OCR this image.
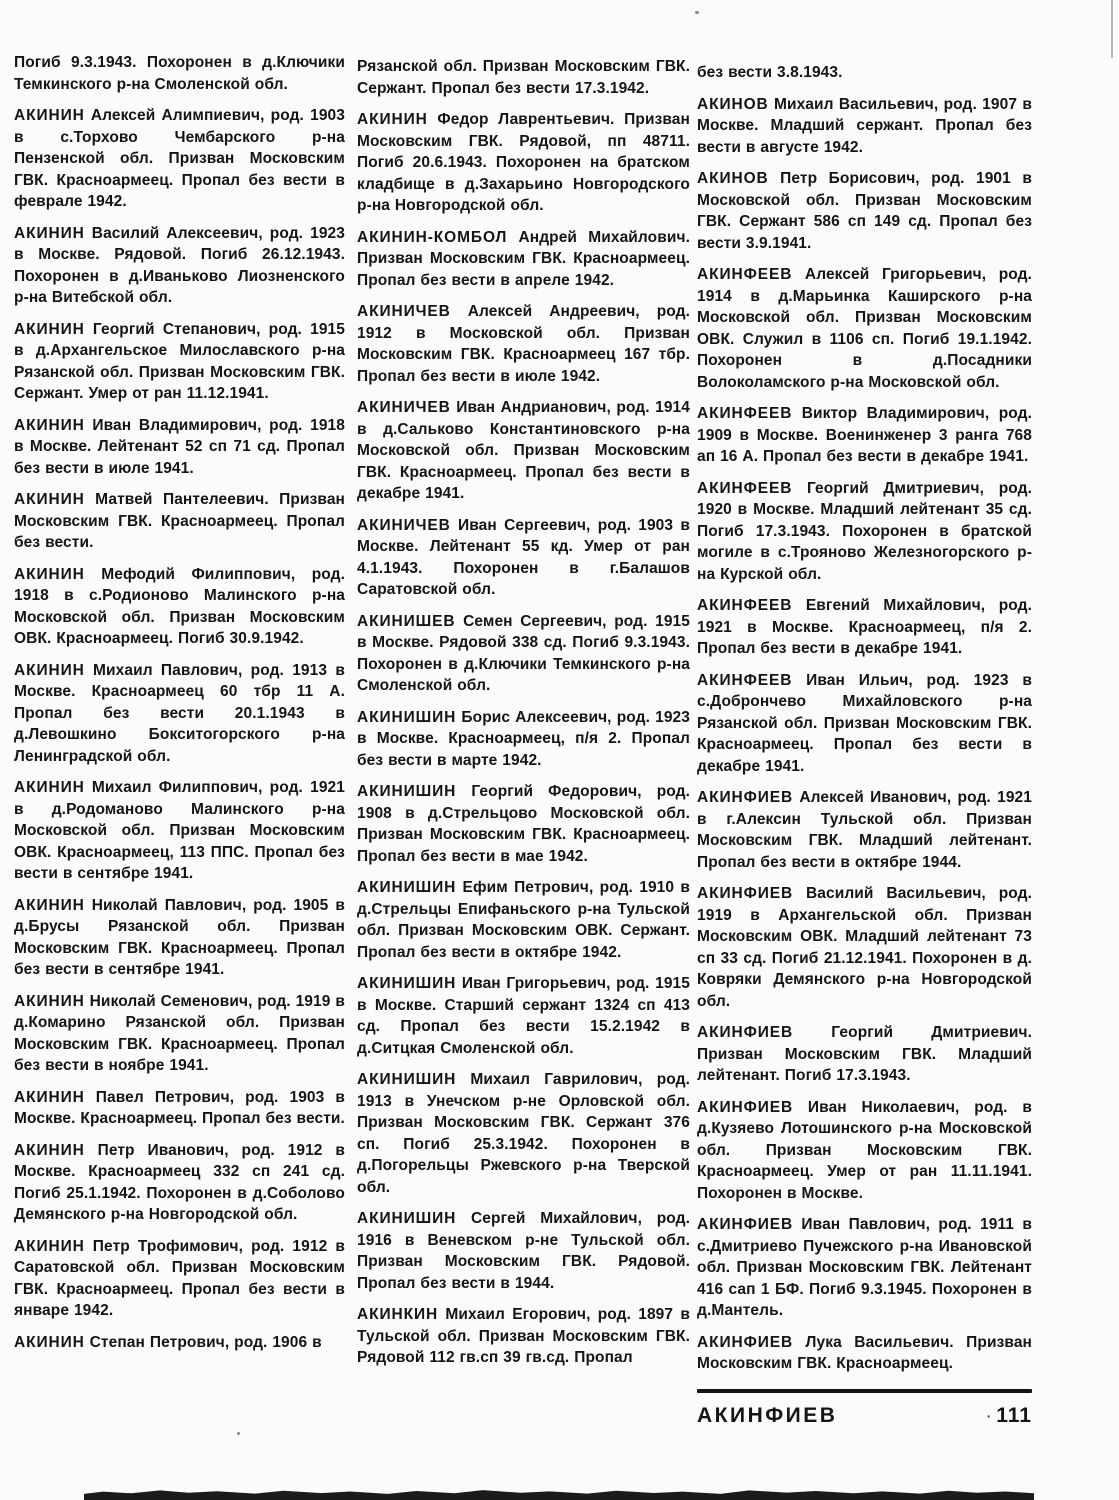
Погиб 9.3.1943. Похоронен в д.Ключики Темкинского р-на Смоленской обл.

АКИНИН Алексей Алимпиевич, род. 1903 в с.Торхово Чембарского р-на Пензенской обл. Призван Московским ГВК. Красноармеец. Пропал без вести в феврале 1942.

АКИНИН Василий Алексеевич, род. 1923 в Москве. Рядовой. Погиб 26.12.1943. Похоронен в д.Иваньково Лиозненского р-на Витебской обл.

АКИНИН Георгий Степанович, род. 1915 в д.Архангельское Милославского р-на Рязанской обл. Призван Московским ГВК. Сержант. Умер от ран 11.12.1941.

АКИНИН Иван Владимирович, род. 1918 в Москве. Лейтенант 52 сп 71 сд. Пропал без вести в июле 1941.

АКИНИН Матвей Пантелеевич. Призван Московским ГВК. Красноармеец. Пропал без вести.

АКИНИН Мефодий Филиппович, род. 1918 в с.Родионово Малинского р-на Московской обл. Призван Московским ОВК. Красноармеец. Погиб 30.9.1942.

АКИНИН Михаил Павлович, род. 1913 в Москве. Красноармеец 60 тбр 11 А. Пропал без вести 20.1.1943 в д.Левошкино Бокситогорского р-на Ленинградской обл.

АКИНИН Михаил Филиппович, род. 1921 в д.Родоманово Малинского р-на Московской обл. Призван Московским ОВК. Красноармеец, 113 ППС. Пропал без вести в сентябре 1941.

АКИНИН Николай Павлович, род. 1905 в д.Брусы Рязанской обл. Призван Московским ГВК. Красноармеец. Пропал без вести в сентябре 1941.

АКИНИН Николай Семенович, род. 1919 в д.Комарино Рязанской обл. Призван Московским ГВК. Красноармеец. Пропал без вести в ноябре 1941.

АКИНИН Павел Петрович, род. 1903 в Москве. Красноармеец. Пропал без вести.

АКИНИН Петр Иванович, род. 1912 в Москве. Красноармеец 332 сп 241 сд. Погиб 25.1.1942. Похоронен в д.Соболово Демянского р-на Новгородской обл.

АКИНИН Петр Трофимович, род. 1912 в Саратовской обл. Призван Московским ГВК. Красноармеец. Пропал без вести в январе 1942.

АКИНИН Степан Петрович, род. 1906 в

Рязанской обл. Призван Московским ГВК. Сержант. Пропал без вести 17.3.1942.

АКИНИН Федор Лаврентьевич. Призван Московским ГВК. Рядовой, пп 48711. Погиб 20.6.1943. Похоронен на братском кладбище в д.Захарьино Новгородского р-на Новгородской обл.

АКИНИН-КОМБОЛ Андрей Михайлович. Призван Московским ГВК. Красноармеец. Пропал без вести в апреле 1942.

АКИНИЧЕВ Алексей Андреевич, род. 1912 в Московской обл. Призван Московским ГВК. Красноармеец 167 тбр. Пропал без вести в июле 1942.

АКИНИЧЕВ Иван Андрианович, род. 1914 в д.Сальково Константиновского р-на Московской обл. Призван Московским ГВК. Красноармеец. Пропал без вести в декабре 1941.

АКИНИЧЕВ Иван Сергеевич, род. 1903 в Москве. Лейтенант 55 кд. Умер от ран 4.1.1943. Похоронен в г.Балашов Саратовской обл.

АКИНИШЕВ Семен Сергеевич, род. 1915 в Москве. Рядовой 338 сд. Погиб 9.3.1943. Похоронен в д.Ключики Темкинского р-на Смоленской обл.

АКИНИШИН Борис Алексеевич, род. 1923 в Москве. Красноармеец, п/я 2. Пропал без вести в марте 1942.

АКИНИШИН Георгий Федорович, род. 1908 в д.Стрельцово Московской обл. Призван Московским ГВК. Красноармеец. Пропал без вести в мае 1942.

АКИНИШИН Ефим Петрович, род. 1910 в д.Стрельцы Епифаньского р-на Тульской обл. Призван Московским ОВК. Сержант. Пропал без вести в октябре 1942.

АКИНИШИН Иван Григорьевич, род. 1915 в Москве. Старший сержант 1324 сп 413 сд. Пропал без вести 15.2.1942 в д.Ситцкая Смоленской обл.

АКИНИШИН Михаил Гаврилович, род. 1913 в Унечском р-не Орловской обл. Призван Московским ГВК. Сержант 376 сп. Погиб 25.3.1942. Похоронен в д.Погорельцы Ржевского р-на Тверской обл.

АКИНИШИН Сергей Михайлович, род. 1916 в Веневском р-не Тульской обл. Призван Московским ГВК. Рядовой. Пропал без вести в 1944.

АКИНКИН Михаил Егорович, род. 1897 в Тульской обл. Призван Московским ГВК. Рядовой 112 гв.сп 39 гв.сд. Пропал

без вести 3.8.1943.

АКИНОВ Михаил Васильевич, род. 1907 в Москве. Младший сержант. Пропал без вести в августе 1942.

АКИНОВ Петр Борисович, род. 1901 в Московской обл. Призван Московским ГВК. Сержант 586 сп 149 сд. Пропал без вести 3.9.1941.

АКИНФЕЕВ Алексей Григорьевич, род. 1914 в д.Марьинка Каширского р-на Московской обл. Призван Московским ОВК. Служил в 1106 сп. Погиб 19.1.1942. Похоронен в д.Посадники Волоколамского р-на Московской обл.

АКИНФЕЕВ Виктор Владимирович, род. 1909 в Москве. Военинженер 3 ранга 768 ап 16 А. Пропал без вести в декабре 1941.

АКИНФЕЕВ Георгий Дмитриевич, род. 1920 в Москве. Младший лейтенант 35 сд. Погиб 17.3.1943. Похоронен в братской могиле в с.Трояново Железногорского р-на Курской обл.

АКИНФЕЕВ Евгений Михайлович, род. 1921 в Москве. Красноармеец, п/я 2. Пропал без вести в декабре 1941.

АКИНФЕЕВ Иван Ильич, род. 1923 в с.Добрончево Михайловского р-на Рязанской обл. Призван Московским ГВК. Красноармеец. Пропал без вести в декабре 1941.

АКИНФИЕВ Алексей Иванович, род. 1921 в г.Алексин Тульской обл. Призван Московским ГВК. Младший лейтенант. Пропал без вести в октябре 1944.

АКИНФИЕВ Василий Васильевич, род. 1919 в Архангельской обл. Призван Московским ОВК. Младший лейтенант 73 сп 33 сд. Погиб 21.12.1941. Похоронен в д. Ковряки Демянского р-на Новгородской обл.

АКИНФИЕВ Георгий Дмитриевич. Призван Московским ГВК. Младший лейтенант. Погиб 17.3.1943.

АКИНФИЕВ Иван Николаевич, род. в д.Кузяево Лотошинского р-на Московской обл. Призван Московским ГВК. Красноармеец. Умер от ран 11.11.1941. Похоронен в Москве.

АКИНФИЕВ Иван Павлович, род. 1911 в с.Дмитриево Пучежского р-на Ивановской обл. Призван Московским ГВК. Лейтенант 416 сап 1 БФ. Погиб 9.3.1945. Похоронен в д.Мантель.

АКИНФИЕВ Лука Васильевич. Призван Московским ГВК. Красноармеец.

АКИНФИЕВ	· 111
